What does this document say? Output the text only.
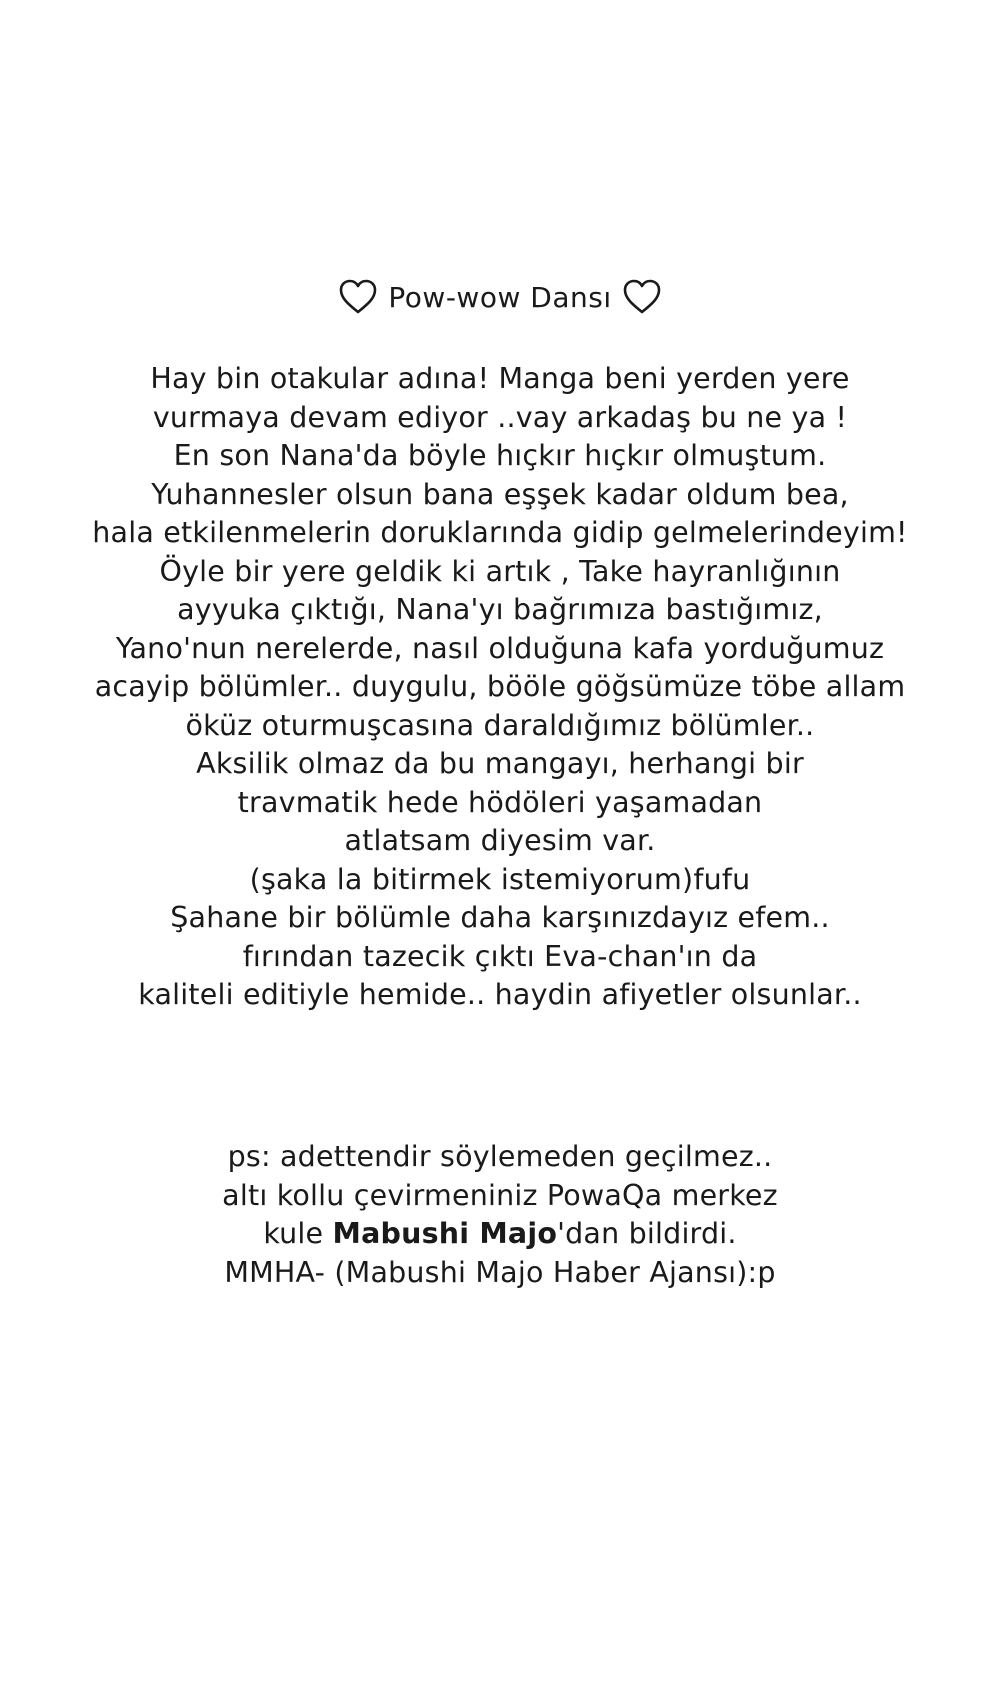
Pow-wow Dansı
Hay bin otakular adına! Manga beni yerden yere
vurmaya devam ediyor ..vay arkadaş bu ne ya !
En son Nana'da böyle hıçkır hıçkır olmuştum.
Yuhannesler olsun bana eşşek kadar oldum bea,
hala etkilenmelerin doruklarında gidip gelmelerindeyim!
Öyle bir yere geldik ki artık , Take hayranlığının
ayyuka çıktığı, Nana'yı bağrımıza bastığımız,
Yano'nun nerelerde, nasıl olduğuna kafa yorduğumuz
acayip bölümler.. duygulu, bööle göğsümüze töbe allam
öküz oturmuşcasına daraldığımız bölümler..
Aksilik olmaz da bu mangayı, herhangi bir
travmatik hede hödöleri yaşamadan
atlatsam diyesim var.
(şaka la bitirmek istemiyorum)fufu
Şahane bir bölümle daha karşınızdayız efem..
fırından tazecik çıktı Eva-chan'ın da
kaliteli editiyle hemide.. haydin afiyetler olsunlar..
ps: adettendir söylemeden geçilmez..
altı kollu çevirmeniniz PowaQa merkez
kule Mabushi Majo'dan bildirdi.
MMHA- (Mabushi Majo Haber Ajansı):p
